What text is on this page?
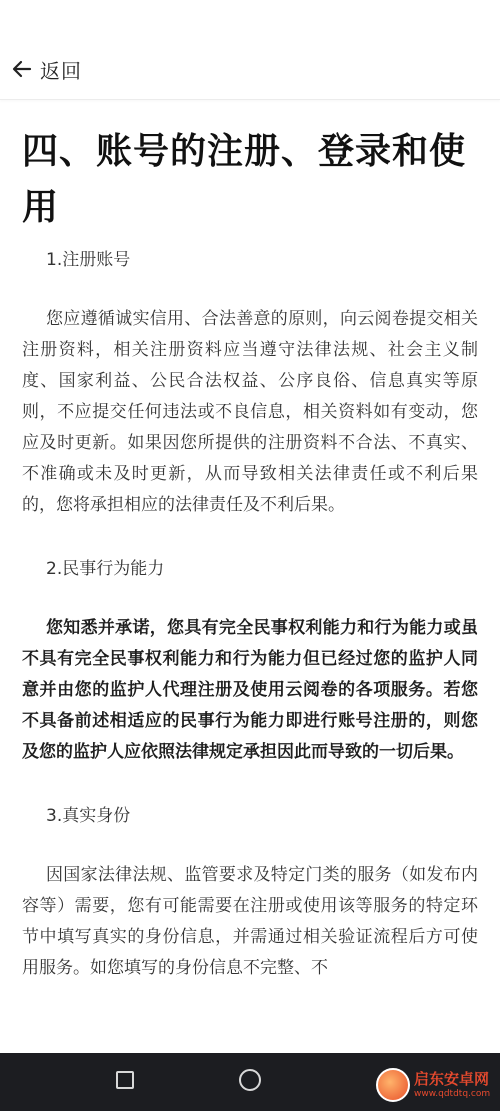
返回
四、账号的注册、登录和使用
1.注册账号

您应遵循诚实信用、合法善意的原则，向云阅卷提交相关注册资料，相关注册资料应当遵守法律法规、社会主义制度、国家利益、公民合法权益、公序良俗、信息真实等原则，不应提交任何违法或不良信息，相关资料如有变动，您应及时更新。如果因您所提供的注册资料不合法、不真实、不准确或未及时更新，从而导致相关法律责任或不利后果的，您将承担相应的法律责任及不利后果。

2.民事行为能力

您知悉并承诺，您具有完全民事权利能力和行为能力或虽不具有完全民事权利能力和行为能力但已经过您的监护人同意并由您的监护人代理注册及使用云阅卷的各项服务。若您不具备前述相适应的民事行为能力即进行账号注册的，则您及您的监护人应依照法律规定承担因此而导致的一切后果。

3.真实身份

因国家法律法规、监管要求及特定门类的服务（如发布内容等）需要，您有可能需要在注册或使用该等服务的特定环节中填写真实的身份信息，并需通过相关验证流程后方可使用服务。如您填写的身份信息不完整、不

启东安卓网
www.qdtdtq.com
